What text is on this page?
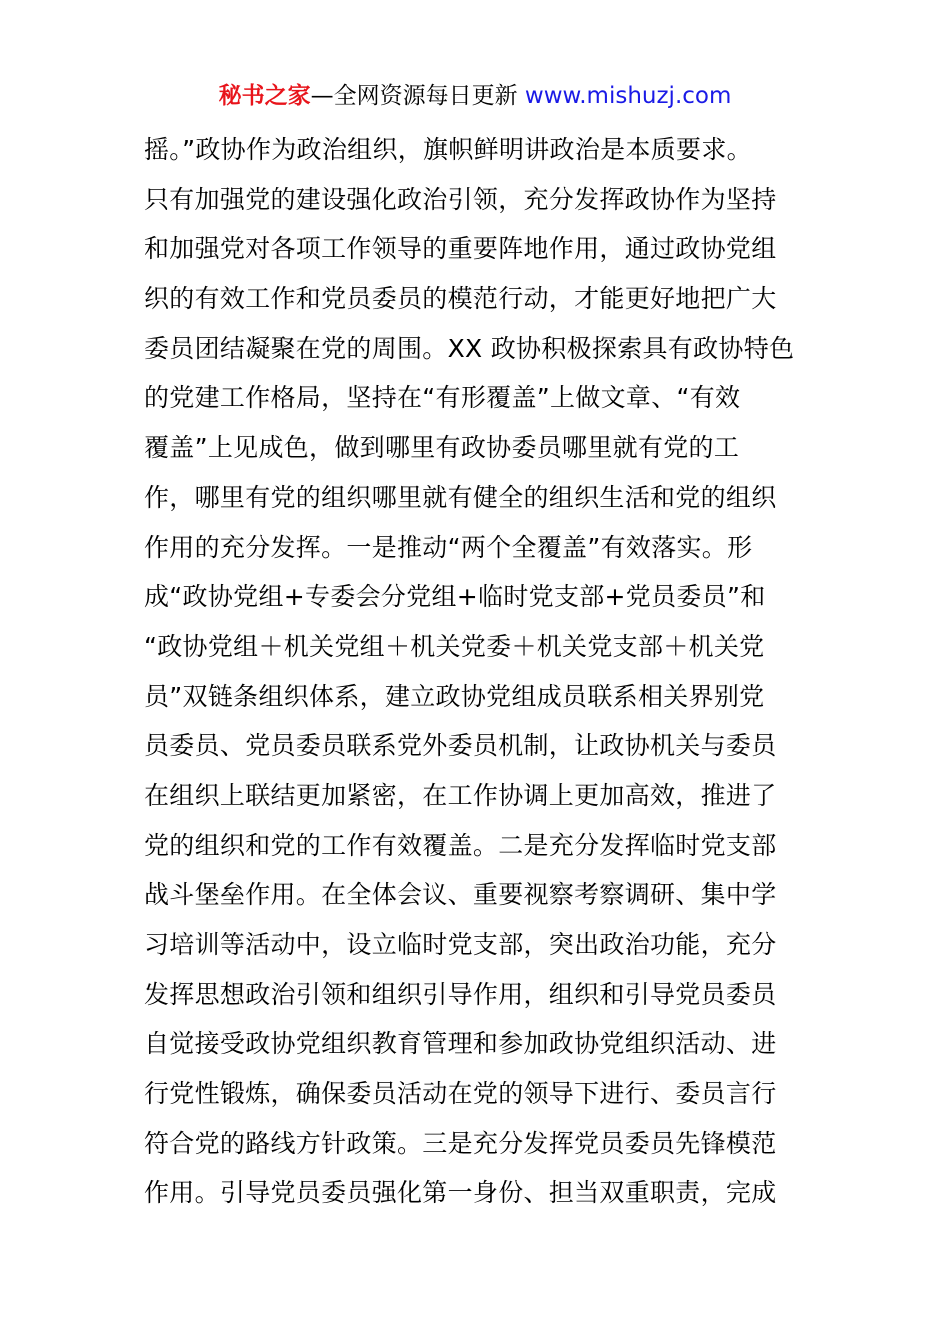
秘书之家—全网资源每日更新 www.mishuzj.com
摇。”政协作为政治组织，旗帜鲜明讲政治是本质要求。
只有加强党的建设强化政治引领，充分发挥政协作为坚持
和加强党对各项工作领导的重要阵地作用，通过政协党组
织的有效工作和党员委员的模范行动，才能更好地把广大
委员团结凝聚在党的周围。XX 政协积极探索具有政协特色
的党建工作格局，坚持在“有形覆盖”上做文章、“有效
覆盖”上见成色，做到哪里有政协委员哪里就有党的工
作，哪里有党的组织哪里就有健全的组织生活和党的组织
作用的充分发挥。一是推动“两个全覆盖”有效落实。形
成“政协党组+专委会分党组+临时党支部+党员委员”和
“政协党组＋机关党组＋机关党委＋机关党支部＋机关党
员”双链条组织体系，建立政协党组成员联系相关界别党
员委员、党员委员联系党外委员机制，让政协机关与委员
在组织上联结更加紧密，在工作协调上更加高效，推进了
党的组织和党的工作有效覆盖。二是充分发挥临时党支部
战斗堡垒作用。在全体会议、重要视察考察调研、集中学
习培训等活动中，设立临时党支部，突出政治功能，充分
发挥思想政治引领和组织引导作用，组织和引导党员委员
自觉接受政协党组织教育管理和参加政协党组织活动、进
行党性锻炼，确保委员活动在党的领导下进行、委员言行
符合党的路线方针政策。三是充分发挥党员委员先锋模范
作用。引导党员委员强化第一身份、担当双重职责，完成
